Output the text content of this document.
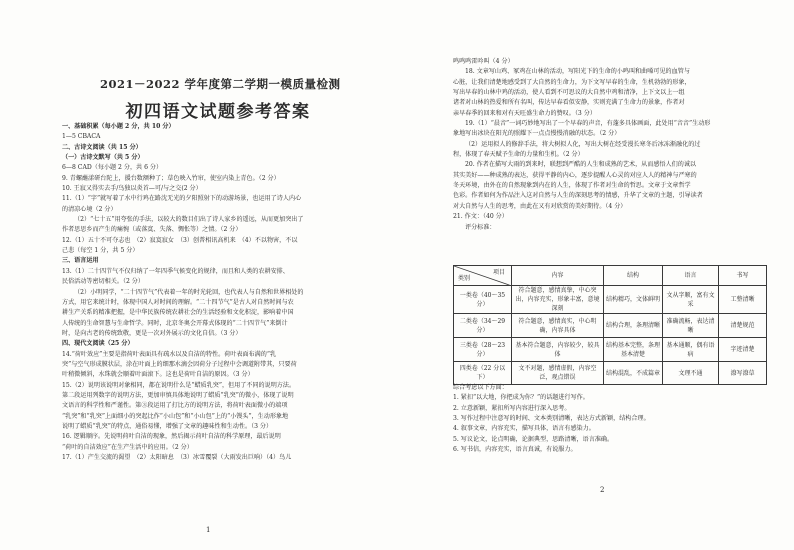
2021－2022 学年度第二学期一模质量检测
初四语文试题参考答案
一、基础积累（每小题 2 分，共 10 分）
1—5 CBACA
二、古诗文阅读（共 15 分）
（一）古诗文默写（共 5 分）
6—8 CAD（每小题 2 分，共 6 分）
9. 青螺蘸漾研台陀上，援台数额种了；草色映入竹帘，使室内染上青色。（2 分）
10. 王寂又得实去手/鸟独以炎首—可/与之交(2 分）
11.（1）“字”就写着了水中行鸡在路沈无光的夕阳照射下的动游场景，也运用了诗人内心
的清凉心境（2 分）
（2）“七十五”用夸张的手法，以较大的数目们出了诗人家乡的遥远，从而更加突出了
作者思思乡而产生的痛惋（或落寞、失落、惆怅等）之情。（2 分）
12.（1）五十不可夺志也　（2）寂寞寂女　（3）创普相讯高机来　（4）不以物害，不以
己悲（每空 1 分，共 5 分）
三、语言运用
13.（1）二十四节气不仅归纳了一年四季气候变化的规律，而且和人类的农耕安排、
民俗活动等密切相关。（2 分）
（2）小明同学，“二十四节气”代表着一年的时光轮回，也代表人与自然和世界相处的
方式，用它来统计时，体现中国人对时间的理解。“二十四节气”是古人对自然时间与农
耕生产关系的精准把握，是中华民族传统农耕社会的生活经验和文化积淀，影响着中国
人传统的生命智慧与生命哲学。同时，北京冬奥会开幕式体现的“二十四节气”来倒计
时，是向古老的传统致敬，更是一次对外展示的文化自信。（3 分）
四、现代文阅读（25 分）
14.“荷叶效应”主要是指荷叶表面具有疏水以及自洁的特性。荷叶表面布满的“乳
突”与空气形成膜状层，涂在叶面上的细那水滴会因荷分子过程中会调道附带其，只要荷
叶稍微倾斜，水珠就会顺着叶面滚下。这也是荷叶自洁的原因。（3 分）
15.（2）说明该说明对象相同，都在说明什么是“蜡质乳突”，但用了不同的说明方法。
第二段运用列数字的说明方法，更加审慎具体地说明了蜡质“乳突”的微小，体现了说明
文语言的科学性和严谨性。第③段运用了打比方的说明方法，将荷叶表面微小的端项
“乳突”和“乳突”上面细小的突起比作“小山包”和“小山包”上的“小馒头”，生动形象地
说明了蜡质“乳突”的特点，通俗易懂，增强了文章的趣味性和生动性。（3 分）
16. 逻辑顺序。先说明荷叶自洁的现象，然后揭示荷叶自洁的科学原理，最后说明
“荷叶的自洁效应”在生产生活中的应用。（2 分）
17.（1）产生交流的渴望　（2）太阳暗息　（3）冰雪覆裂（大雨发出巨响）（4）鸟儿
1
鸣鸣鸣雷吟叫（4 分）
18. 文章写山鸡、冢鸡在山林的活动，写阳光下的生命的小鸣叫和曲嗓可见的血管与
心脏，让我们清楚地感受到了大自然的生命力，为下文写早春的生命，生机勃勃的形象，
写出早春的山林中鸡的活动，使人看到不可思议的大自然中鸡和清净，上下文以上一组
诸者对山林的热爱和所有名叫，传达早春看似安静，实则充满了生命力的景象，作者对
亲早春季的回来和对有天旺盛生命力的赞叹。（3 分）
19.（1）“晨音”一词巧妙地写出了一个早春的声音，有蓬多具体画面，此处用“音音”生动形
象地写出冰块在阳光的照耀下一点点慢慢消融的状态。（2 分）
（2）运用拟人的修辞手法，将大树拟人化，写出大树在经受漫长寒冬后冰冻渐融化的过
程，体现了春天赋予生命的力量和生机。（2 分）
20. 作者在描写大雨的到来时，联想到严酷的人生和成熟的艺术，从而感悟人们的诚以
其实美好——种成熟的表达，获得平静的内心，逐步提醒人心灵的对应人人的精神与严寒的
冬天环境，由外在的自然现象到内在的人生，体现了作者对生命的哲思。文章于文章哲学
色彩。作者如何为作品注入这对自然与人生的深刻思考的情感，升华了文章的主题，引导读者
对大自然与人生的思考，由此在又有对欣赏的美好期待。（4 分）
21. 作文：（40 分）
评分标准：
项目
类别	内容	结构	语言	书写
一类卷（40～35 分）	符合题意，感情真挚，中心突出，内容充实，形象丰富，意境深刻	结构精巧，文体鲜明	文从字顺，富有文采	工整清晰
二类卷（34～29 分）	符合题意，感情真实，中心明确，内容具体	结构合理，条理清晰	准确流畅，表达清晰	清楚规范
三类卷（28～23 分）	基本符合题意，内容较少，较具体	结构基本完整，条理基本清楚	基本通顺，偶有语病	字迹清楚
四类卷（22 分以下）	文不对题，感情虚假，内容空泛，观点错误	结构混乱，不成篇章	文理不通	潦写潦草
综合考虑以下方面：
1. 紧扣“以大地，你把成为你？”的话题进行写作。
2. 立意新颖，紧扣所写内容进行深入思考。
3. 写作过程中注意写的时间、文本类别清晰，表达方式新颖，结构合理。
4. 叙事文章，内容充实，描写具体，语言有感染力。
5. 写议论文，论点明确，论据典型，思路清晰，语言准确。
6. 写书信，内容充实，语言真诚，有说服力。
2
